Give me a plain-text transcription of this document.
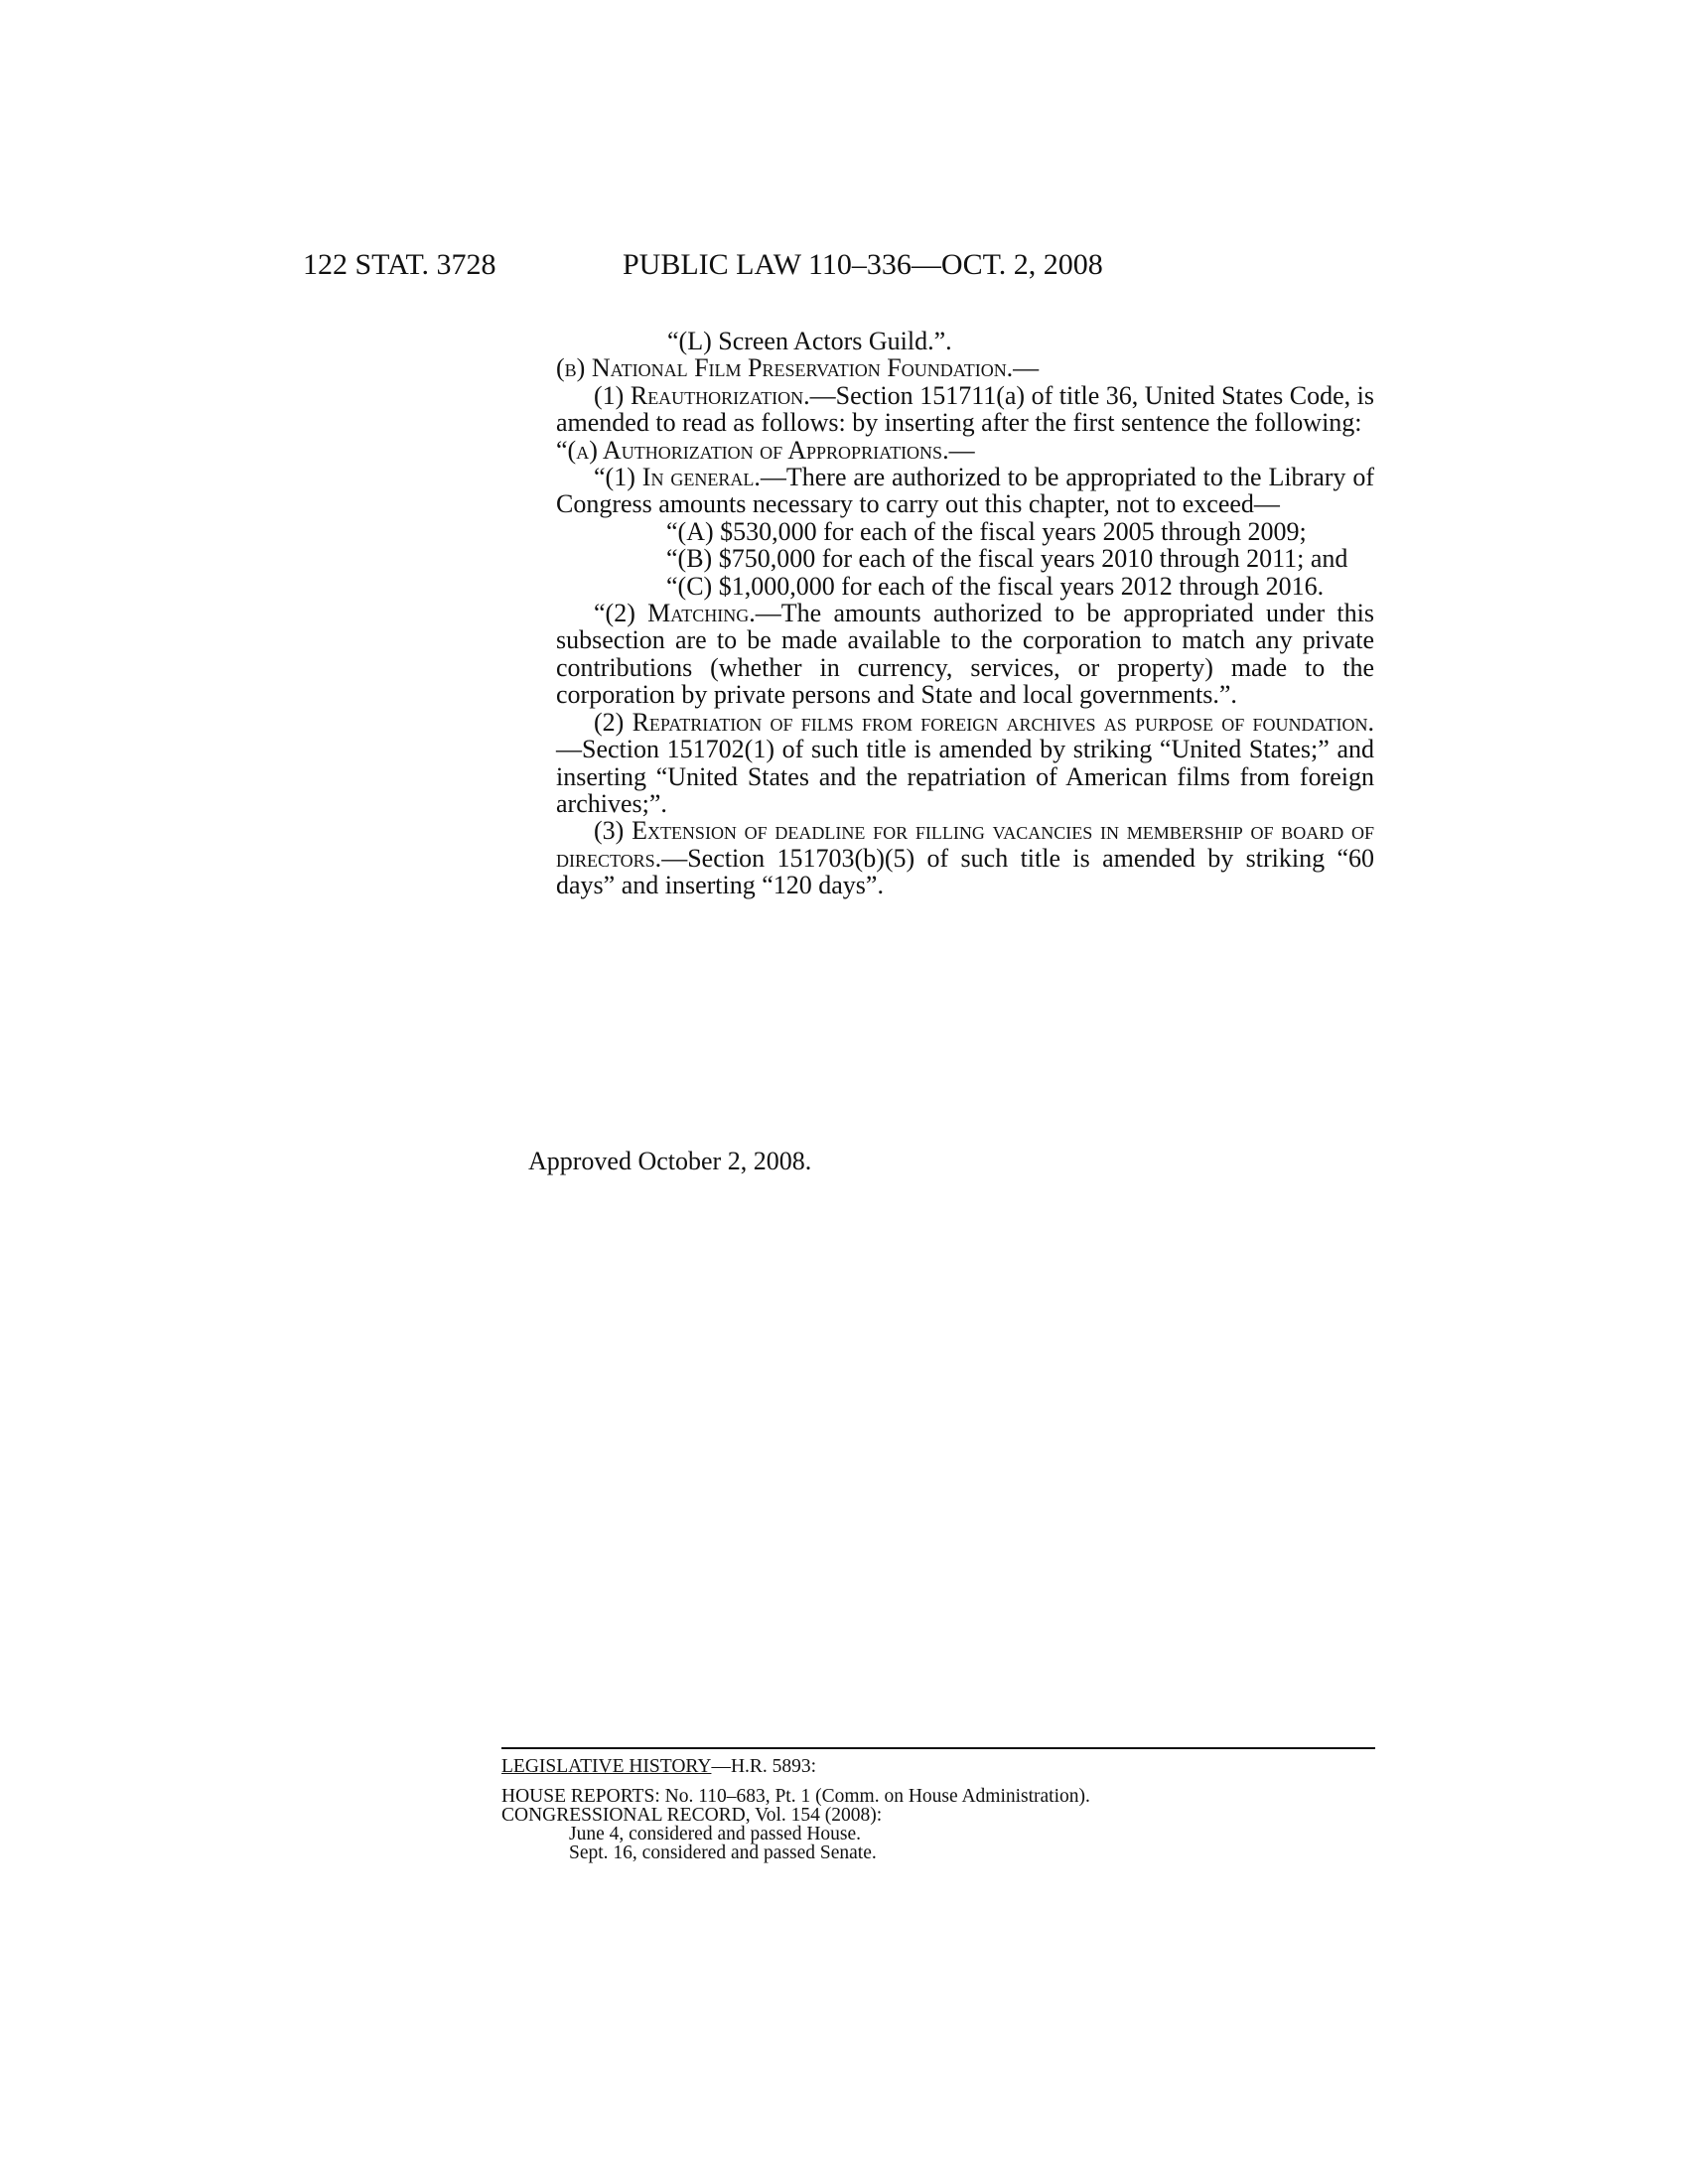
122 STAT. 3728	PUBLIC LAW 110–336—OCT. 2, 2008

“(L) Screen Actors Guild.”.

(b) National Film Preservation Foundation.—

(1) Reauthorization.—Section 151711(a) of title 36, United States Code, is amended to read as follows: by inserting after the first sentence the following:

“(a) Authorization of Appropriations.—

“(1) In general.—There are authorized to be appropriated to the Library of Congress amounts necessary to carry out this chapter, not to exceed—

“(A) $530,000 for each of the fiscal years 2005 through 2009;

“(B) $750,000 for each of the fiscal years 2010 through 2011; and

“(C) $1,000,000 for each of the fiscal years 2012 through 2016.

“(2) Matching.—The amounts authorized to be appropriated under this subsection are to be made available to the corporation to match any private contributions (whether in currency, services, or property) made to the corporation by private persons and State and local governments.”.

(2) Repatriation of films from foreign archives as purpose of foundation.—Section 151702(1) of such title is amended by striking “United States;” and inserting “United States and the repatriation of American films from foreign archives;”.

(3) Extension of deadline for filling vacancies in membership of board of directors.—Section 151703(b)(5) of such title is amended by striking “60 days” and inserting “120 days”.

Approved October 2, 2008.
LEGISLATIVE HISTORY—H.R. 5893:
HOUSE REPORTS: No. 110–683, Pt. 1 (Comm. on House Administration).
CONGRESSIONAL RECORD, Vol. 154 (2008):
June 4, considered and passed House.
Sept. 16, considered and passed Senate.
